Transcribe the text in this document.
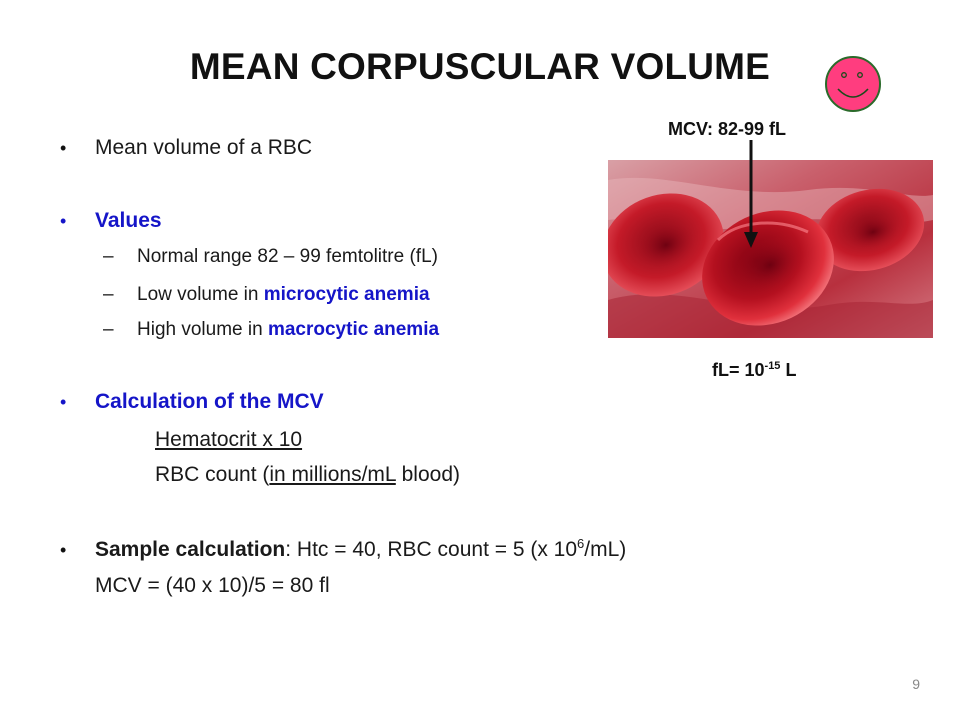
MEAN CORPUSCULAR VOLUME
• Mean volume of a RBC
• Values
– Normal range 82 – 99 femtolitre (fL)
– Low volume in microcytic anemia
– High volume in macrocytic anemia
• Calculation of the MCV
Hematocrit x 10
RBC count (in millions/mL blood)
• Sample calculation: Htc = 40, RBC count = 5 (x $10^6/mL$)
MCV = (40 x 10)/5 = 80 fl
MCV: 82-99 fL
$fL= 10^{-15}$ L
9
